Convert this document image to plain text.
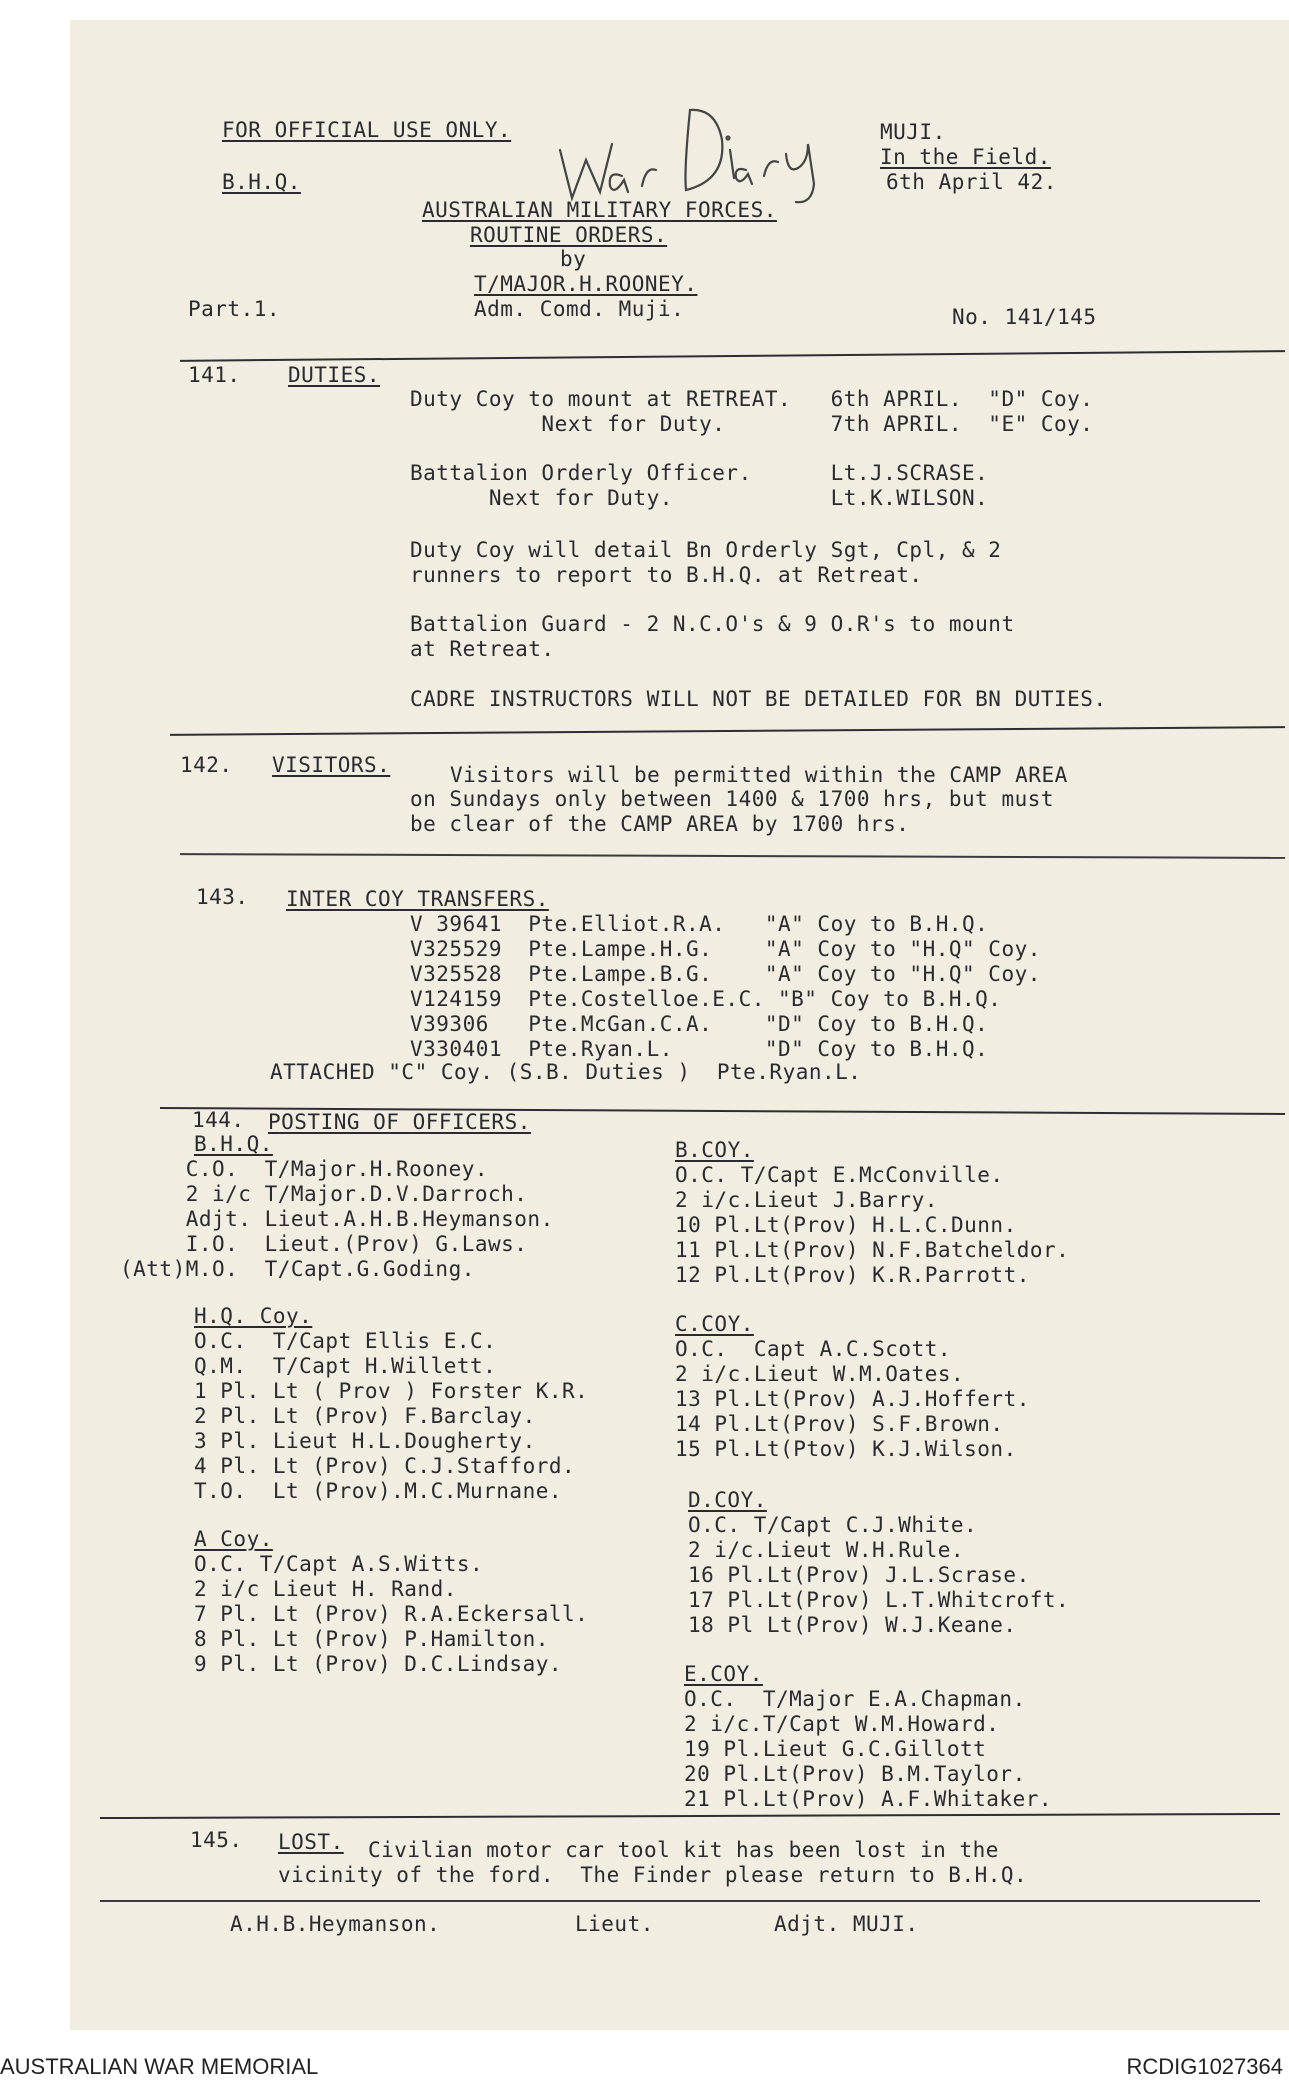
FOR OFFICIAL USE ONLY.
B.H.Q.
MUJI.
In the Field.
6th April 42.
AUSTRALIAN MILITARY FORCES.
ROUTINE ORDERS.
by
T/MAJOR.H.ROONEY.
Adm. Comd. Muji.
Part.1.	No. 141/145
War Diary
141. DUTIES.
Duty Coy to mount at RETREAT.   6th APRIL.  "D" Coy.
Next for Duty.        7th APRIL.  "E" Coy.
Battalion Orderly Officer.      Lt.J.SCRASE.
Next for Duty.            Lt.K.WILSON.
Duty Coy will detail Bn Orderly Sgt, Cpl, & 2
runners to report to B.H.Q. at Retreat.
Battalion Guard - 2 N.C.O's & 9 O.R's to mount
at Retreat.
CADRE INSTRUCTORS WILL NOT BE DETAILED FOR BN DUTIES.
142. VISITORS.	Visitors will be permitted within the CAMP AREA
on Sundays only between 1400 & 1700 hrs, but must
be clear of the CAMP AREA by 1700 hrs.
143. INTER COY TRANSFERS.
V 39641  Pte.Elliot.R.A.   "A" Coy to B.H.Q.
V325529  Pte.Lampe.H.G.    "A" Coy to "H.Q" Coy.
V325528  Pte.Lampe.B.G.    "A" Coy to "H.Q" Coy.
V124159  Pte.Costelloe.E.C. "B" Coy to B.H.Q.
V39306   Pte.McGan.C.A.    "D" Coy to B.H.Q.
V330401  Pte.Ryan.L.       "D" Coy to B.H.Q.
ATTACHED "C" Coy. (S.B. Duties )  Pte.Ryan.L.
144. POSTING OF OFFICERS.
B.H.Q.
C.O.  T/Major.H.Rooney.
2 i/c T/Major.D.V.Darroch.
Adjt. Lieut.A.H.B.Heymanson.
I.O.  Lieut.(Prov) G.Laws.
(Att)M.O.  T/Capt.G.Goding.
H.Q. Coy.
O.C.  T/Capt Ellis E.C.
Q.M.  T/Capt H.Willett.
1 Pl. Lt ( Prov ) Forster K.R.
2 Pl. Lt (Prov) F.Barclay.
3 Pl. Lieut H.L.Dougherty.
4 Pl. Lt (Prov) C.J.Stafford.
T.O.  Lt (Prov).M.C.Murnane.
A Coy.
O.C. T/Capt A.S.Witts.
2 i/c Lieut H. Rand.
7 Pl. Lt (Prov) R.A.Eckersall.
8 Pl. Lt (Prov) P.Hamilton.
9 Pl. Lt (Prov) D.C.Lindsay.
B.COY.
O.C. T/Capt E.McConville.
2 i/c.Lieut J.Barry.
10 Pl.Lt(Prov) H.L.C.Dunn.
11 Pl.Lt(Prov) N.F.Batcheldor.
12 Pl.Lt(Prov) K.R.Parrott.
C.COY.
O.C.  Capt A.C.Scott.
2 i/c.Lieut W.M.Oates.
13 Pl.Lt(Prov) A.J.Hoffert.
14 Pl.Lt(Prov) S.F.Brown.
15 Pl.Lt(Ptov) K.J.Wilson.
D.COY.
O.C. T/Capt C.J.White.
2 i/c.Lieut W.H.Rule.
16 Pl.Lt(Prov) J.L.Scrase.
17 Pl.Lt(Prov) L.T.Whitcroft.
18 Pl Lt(Prov) W.J.Keane.
E.COY.
O.C.  T/Major E.A.Chapman.
2 i/c.T/Capt W.M.Howard.
19 Pl.Lieut G.C.Gillott
20 Pl.Lt(Prov) B.M.Taylor.
21 Pl.Lt(Prov) A.F.Whitaker.
145. LOST. Civilian motor car tool kit has been lost in the
vicinity of the ford.  The Finder please return to B.H.Q.
A.H.B.Heymanson.	Lieut.	Adjt. MUJI.
AUSTRALIAN WAR MEMORIAL	RCDIG1027364
